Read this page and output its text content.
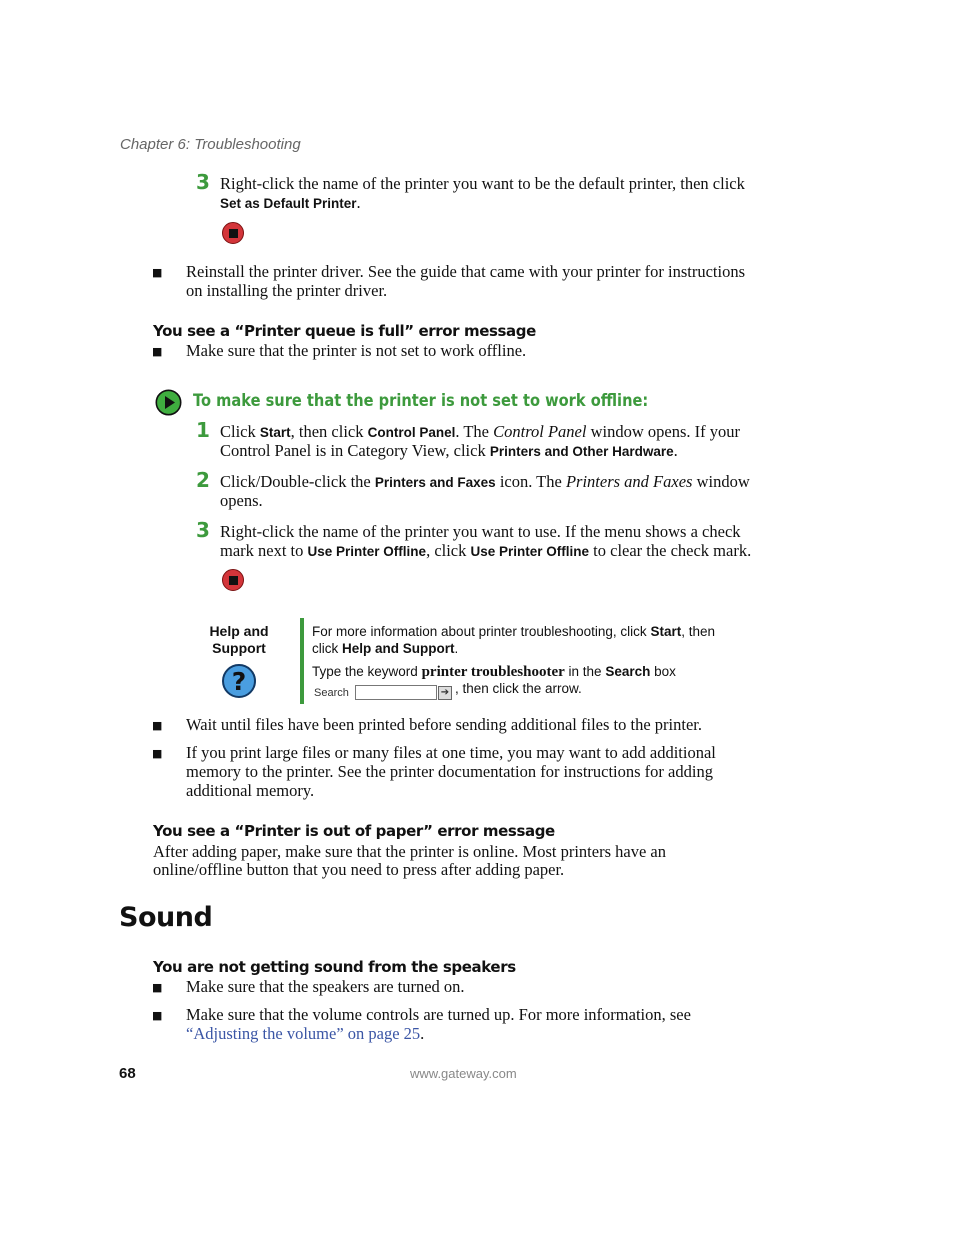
Chapter 6: Troubleshooting
3 Right-click the name of the printer you want to be the default printer, then click
Set as Default Printer.
■ Reinstall the printer driver. See the guide that came with your printer for instructions
on installing the printer driver.
You see a “Printer queue is full” error message
■ Make sure that the printer is not set to work offline.
To make sure that the printer is not set to work offline:
1 Click Start, then click Control Panel. The Control Panel window opens. If your
Control Panel is in Category View, click Printers and Other Hardware.
2 Click/Double-click the Printers and Faxes icon. The Printers and Faxes window
opens.
3 Right-click the name of the printer you want to use. If the menu shows a check
mark next to Use Printer Offline, click Use Printer Offline to clear the check mark.
Help and
Support
?
For more information about printer troubleshooting, click Start, then
click Help and Support.
Type the keyword printer troubleshooter in the Search box
Search	➔ , then click the arrow.
■ Wait until files have been printed before sending additional files to the printer.
■ If you print large files or many files at one time, you may want to add additional
memory to the printer. See the printer documentation for instructions for adding
additional memory.
You see a “Printer is out of paper” error message
After adding paper, make sure that the printer is online. Most printers have an
online/offline button that you need to press after adding paper.
Sound
You are not getting sound from the speakers
■ Make sure that the speakers are turned on.
■ Make sure that the volume controls are turned up. For more information, see
“Adjusting the volume” on page 25.
68	www.gateway.com
